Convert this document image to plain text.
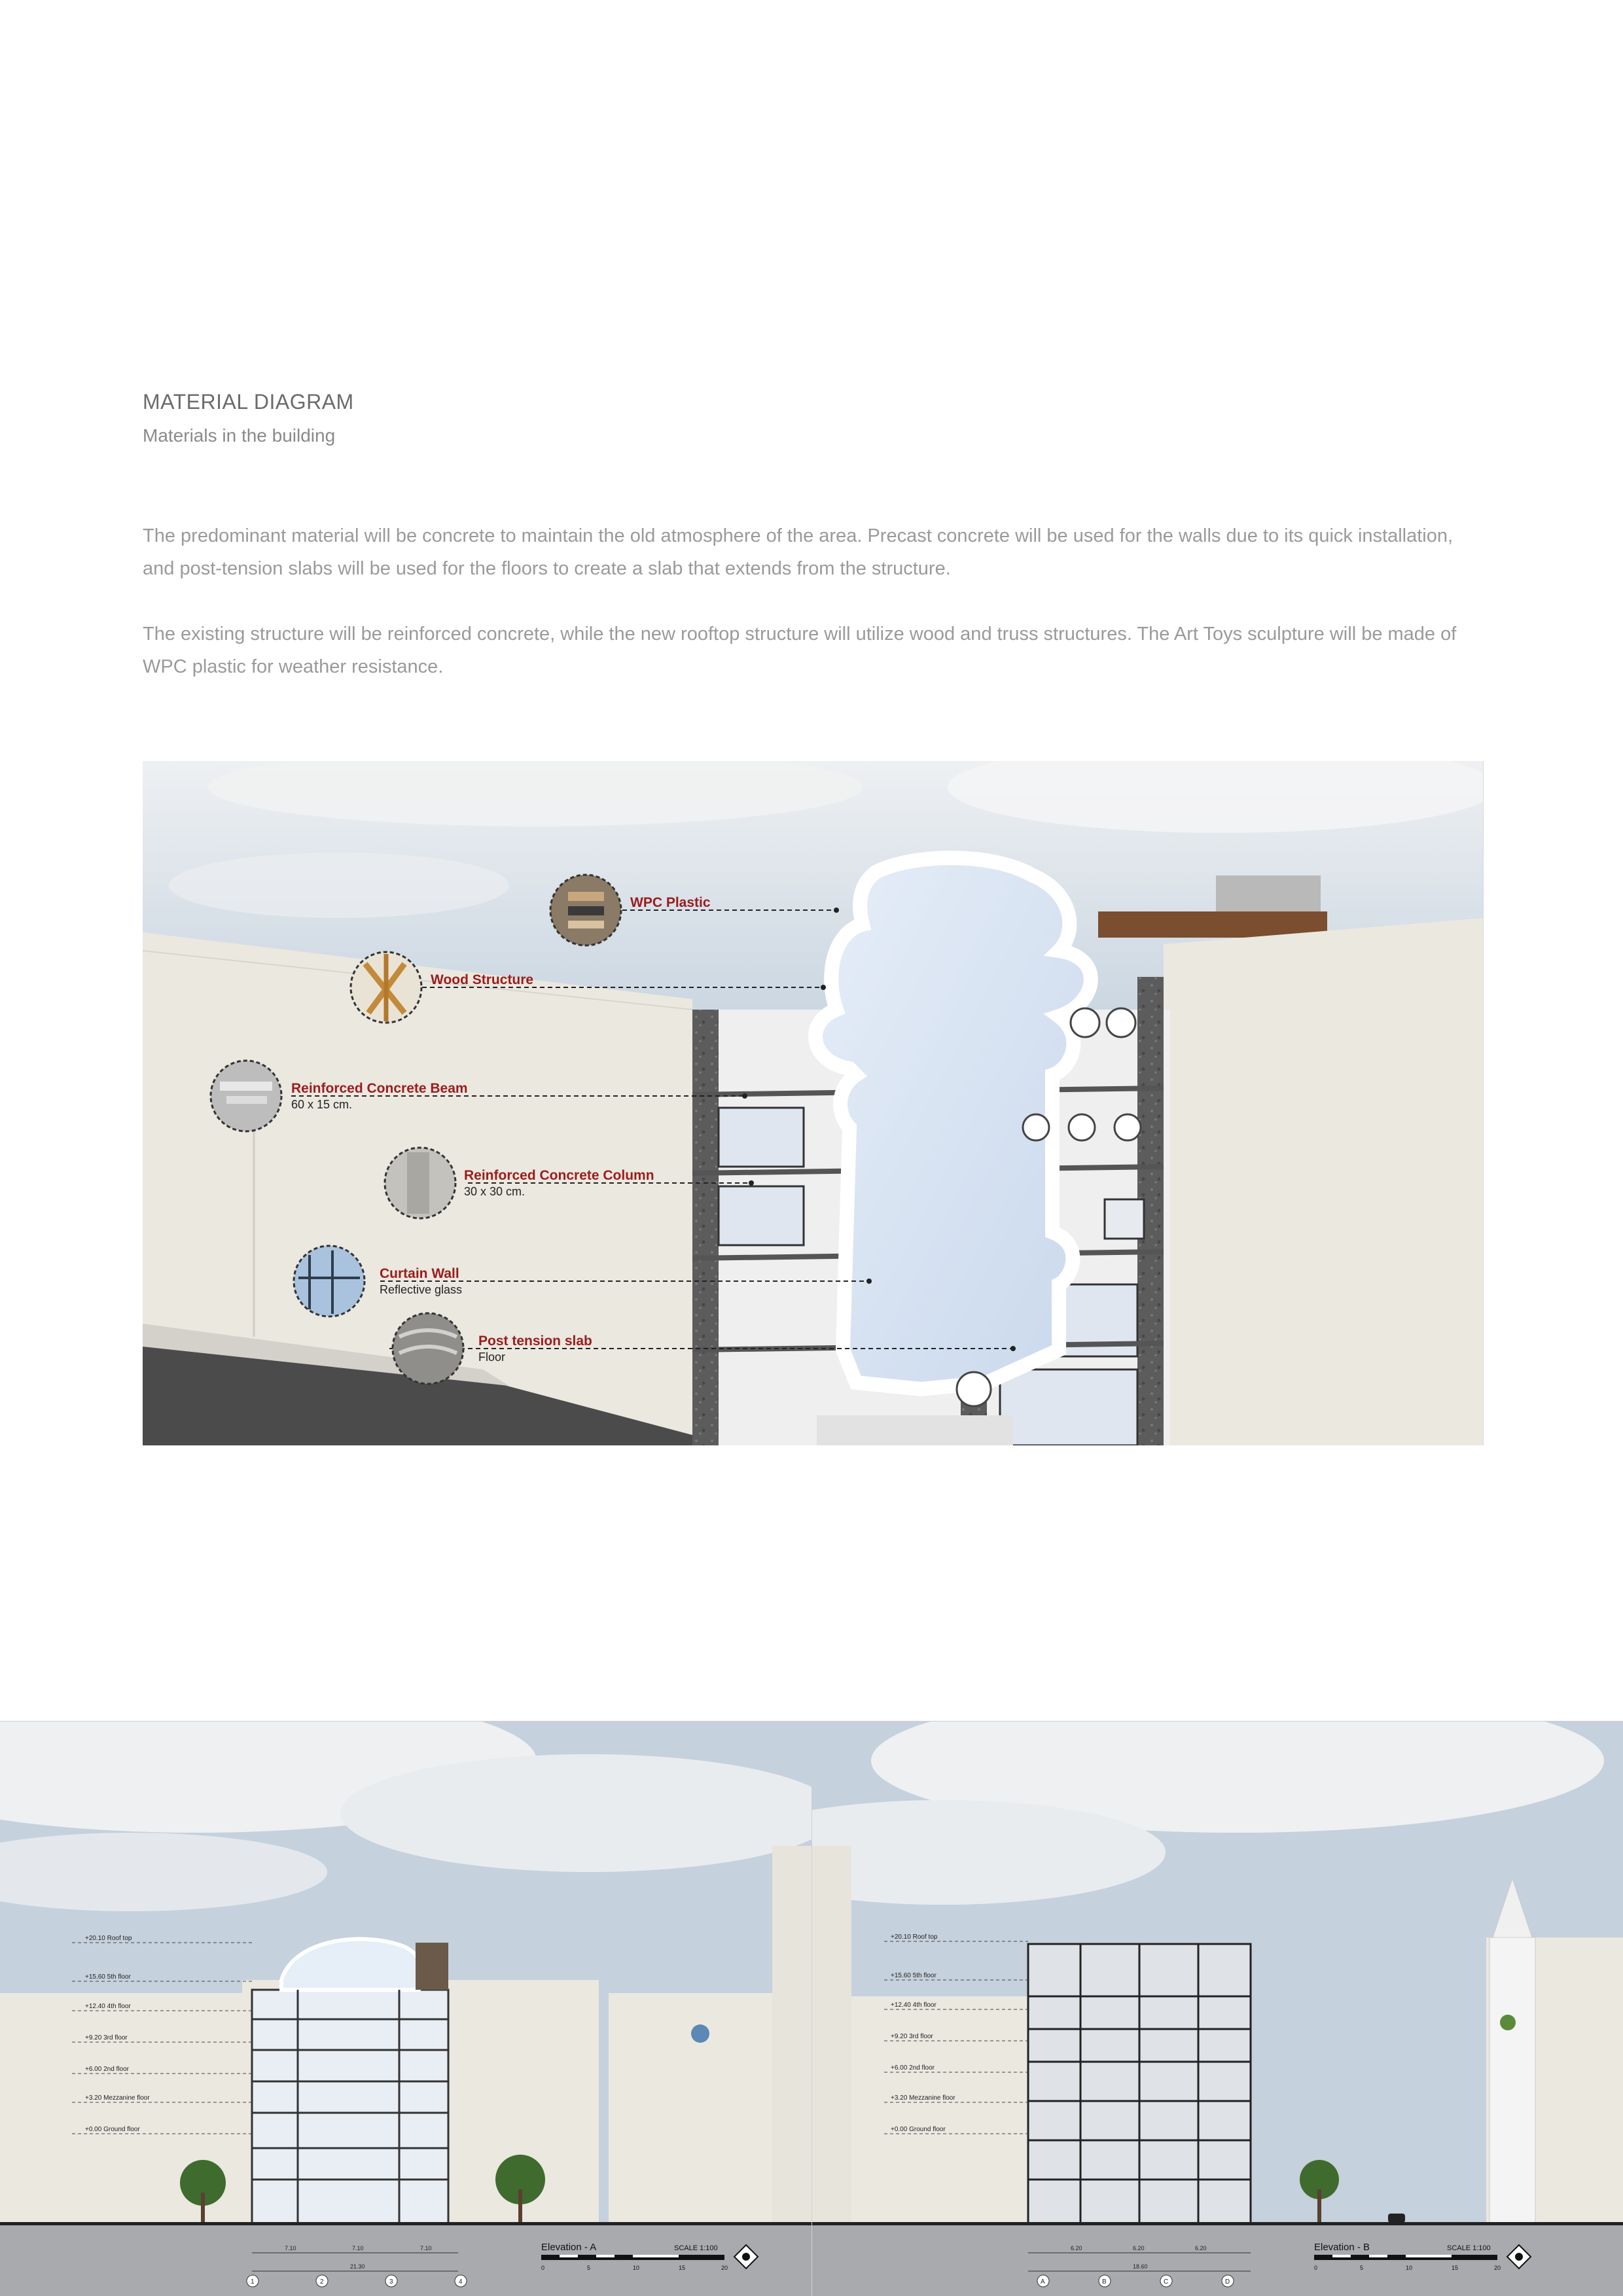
MATERIAL DIAGRAM
Materials in the building
The predominant material will be concrete to maintain the old atmosphere of the area. Precast concrete will be used for the walls due to its quick installation, and post-tension slabs will be used for the floors to create a slab that extends from the structure.
The existing structure will be reinforced concrete, while the new rooftop structure will utilize wood and truss structures. The Art Toys sculpture will be made of WPC plastic for weather resistance.
WPC Plastic
Wood Structure
Reinforced Concrete Beam
60 x 15 cm.
Reinforced Concrete Column
30 x 30 cm.
Curtain Wall
Reflective glass
Post tension slab
Floor
+20.10 Roof top
+15.60 5th floor
+12.40 4th floor
+9.20 3rd floor
+6.00 2nd floor
+3.20 Mezzanine floor
+0.00 Ground floor
7.10	7.10	7.10
21.30
Elevation - A	SCALE 1:100
0	5	10	15	20
1	2	3	4
+20.10 Roof top
+15.60 5th floor
+12.40 4th floor
+9.20 3rd floor
+6.00 2nd floor
+3.20 Mezzanine floor
+0.00 Ground floor
6.20	6.20	6.20
18.60
Elevation - B	SCALE 1:100
0	5	10	15	20
A	B	C	D
